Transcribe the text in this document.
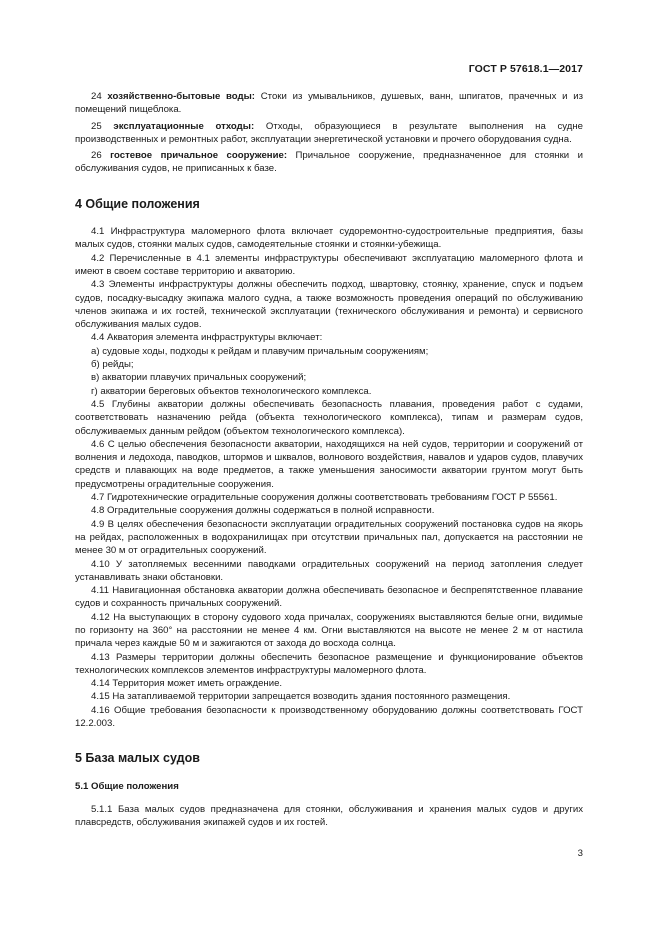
ГОСТ Р 57618.1—2017

24 хозяйственно-бытовые воды: Стоки из умывальников, душевых, ванн, шпигатов, прачечных и из помещений пищеблока.

25 эксплуатационные отходы: Отходы, образующиеся в результате выполнения на судне производственных и ремонтных работ, эксплуатации энергетической установки и прочего оборудования судна.

26 гостевое причальное сооружение: Причальное сооружение, предназначенное для стоянки и обслуживания судов, не приписанных к базе.

4 Общие положения

4.1 Инфраструктура маломерного флота включает судоремонтно-судостроительные предприятия, базы малых судов, стоянки малых судов, самодеятельные стоянки и стоянки-убежища.

4.2 Перечисленные в 4.1 элементы инфраструктуры обеспечивают эксплуатацию маломерного флота и имеют в своем составе территорию и акваторию.

4.3 Элементы инфраструктуры должны обеспечить подход, швартовку, стоянку, хранение, спуск и подъем судов, посадку-высадку экипажа малого судна, а также возможность проведения операций по обслуживанию членов экипажа и их гостей, технической эксплуатации (технического обслуживания и ремонта) и сервисного обслуживания малых судов.

4.4 Акватория элемента инфраструктуры включает:

а) судовые ходы, подходы к рейдам и плавучим причальным сооружениям;

б) рейды;

в) акватории плавучих причальных сооружений;

г) акватории береговых объектов технологического комплекса.

4.5 Глубины акватории должны обеспечивать безопасность плавания, проведения работ с судами, соответствовать назначению рейда (объекта технологического комплекса), типам и размерам судов, обслуживаемых данным рейдом (объектом технологического комплекса).

4.6 С целью обеспечения безопасности акватории, находящихся на ней судов, территории и сооружений от волнения и ледохода, паводков, штормов и шквалов, волнового воздействия, навалов и ударов судов, плавучих средств и плавающих на воде предметов, а также уменьшения заносимости акватории грунтом могут быть предусмотрены оградительные сооружения.

4.7 Гидротехнические оградительные сооружения должны соответствовать требованиям ГОСТ Р 55561.

4.8 Оградительные сооружения должны содержаться в полной исправности.

4.9 В целях обеспечения безопасности эксплуатации оградительных сооружений постановка судов на якорь на рейдах, расположенных в водохранилищах при отсутствии причальных пал, допускается на расстоянии не менее 30 м от оградительных сооружений.

4.10 У затопляемых весенними паводками оградительных сооружений на период затопления следует устанавливать знаки обстановки.

4.11 Навигационная обстановка акватории должна обеспечивать безопасное и беспрепятственное плавание судов и сохранность причальных сооружений.

4.12 На выступающих в сторону судового хода причалах, сооружениях выставляются белые огни, видимые по горизонту на 360° на расстоянии не менее 4 км. Огни выставляются на высоте не менее 2 м от настила причала через каждые 50 м и зажигаются от захода до восхода солнца.

4.13 Размеры территории должны обеспечить безопасное размещение и функционирование объектов технологических комплексов элементов инфраструктуры маломерного флота.

4.14 Территория может иметь ограждение.

4.15 На затапливаемой территории запрещается возводить здания постоянного размещения.

4.16 Общие требования безопасности к производственному оборудованию должны соответствовать ГОСТ 12.2.003.

5 База малых судов
5.1 Общие положения

5.1.1 База малых судов предназначена для стоянки, обслуживания и хранения малых судов и других плавсредств, обслуживания экипажей судов и их гостей.

3
